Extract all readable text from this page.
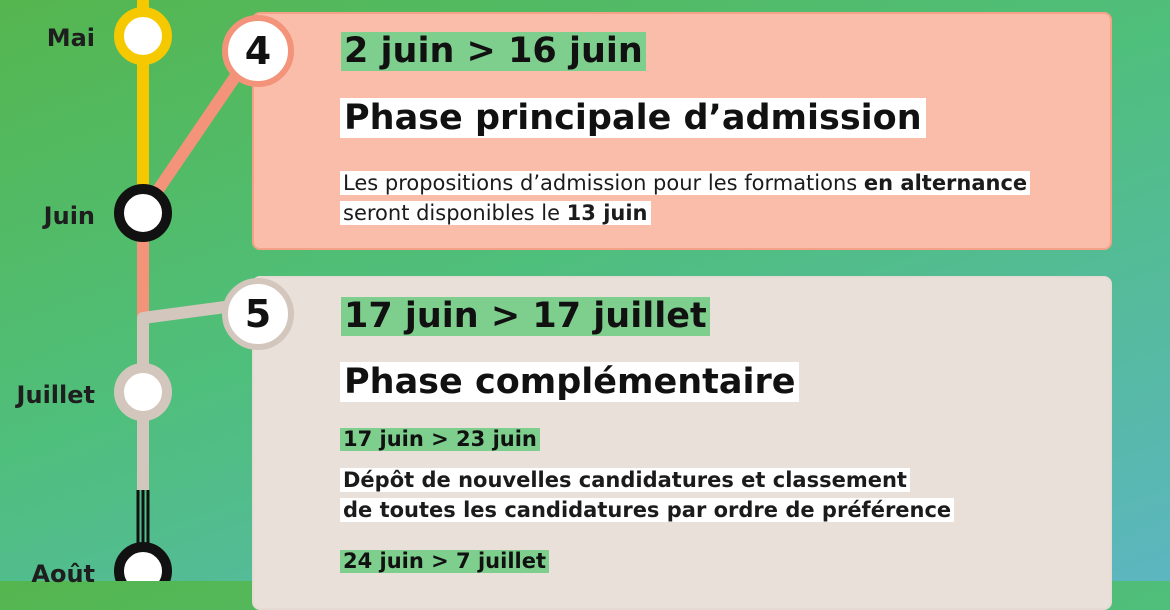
Mai
Juin
Juillet
Août
4	2 juin > 16 juin
Phase principale d’admission
Les propositions d’admission pour les formations en alternance
seront disponibles le 13 juin
5	17 juin > 17 juillet
Phase complémentaire
17 juin > 23 juin
Dépôt de nouvelles candidatures et classement
de toutes les candidatures par ordre de préférence
24 juin > 7 juillet
